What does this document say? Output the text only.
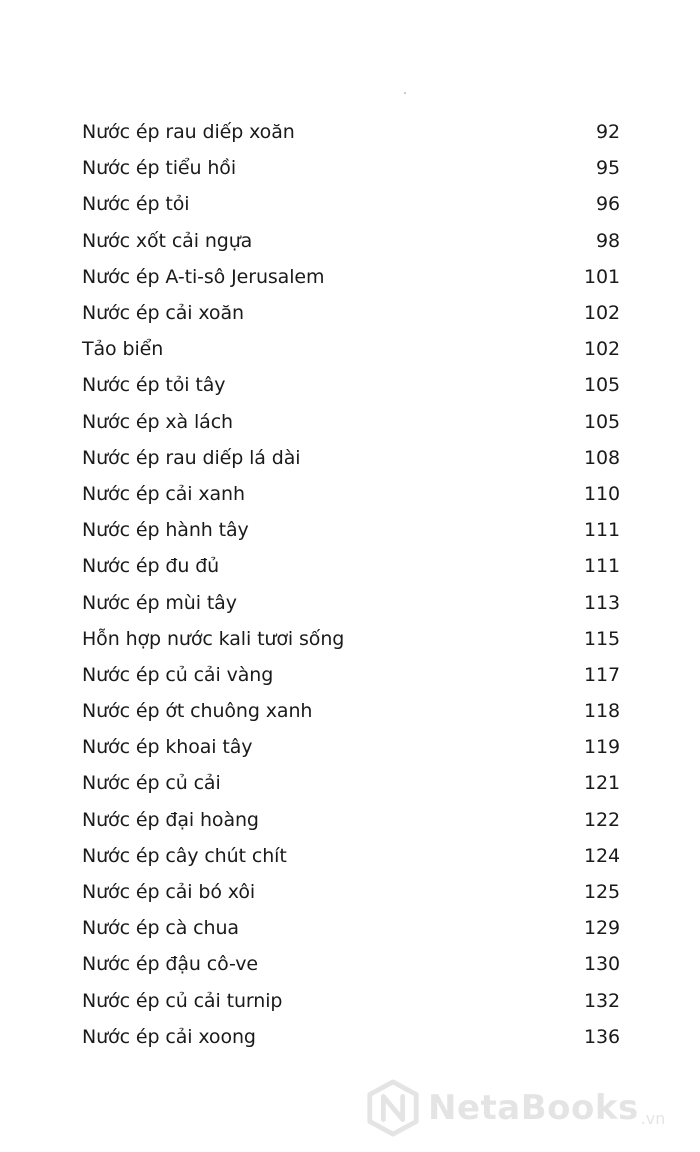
Nước ép rau diếp xoăn	92
Nước ép tiểu hồi	95
Nước ép tỏi	96
Nước xốt cải ngựa	98
Nước ép A-ti-sô Jerusalem	101
Nước ép cải xoăn	102
Tảo biển	102
Nước ép tỏi tây	105
Nước ép xà lách	105
Nước ép rau diếp lá dài	108
Nước ép cải xanh	110
Nước ép hành tây	111
Nước ép đu đủ	111
Nước ép mùi tây	113
Hỗn hợp nước kali tươi sống	115
Nước ép củ cải vàng	117
Nước ép ớt chuông xanh	118
Nước ép khoai tây	119
Nước ép củ cải	121
Nước ép đại hoàng	122
Nước ép cây chút chít	124
Nước ép cải bó xôi	125
Nước ép cà chua	129
Nước ép đậu cô-ve	130
Nước ép củ cải turnip	132
Nước ép cải xoong	136
NetaBooks .vn
